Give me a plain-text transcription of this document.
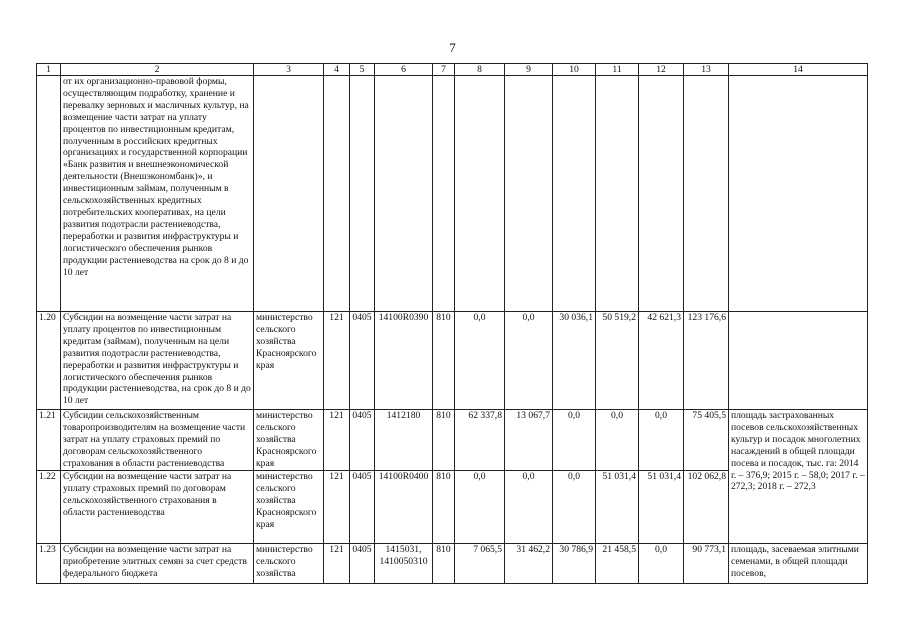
7
1	2	3	4	5	6	7	8	9	10	11	12	13	14
	от их организационно-правовой формы, осуществляющим подработку, хранение и перевалку зерновых и масличных культур, на возмещение части затрат на уплату процентов по инвестиционным кредитам, полученным в российских кредитных организациях и государственной корпорации «Банк развития и внешнеэкономической деятельности (Внешэкономбанк)», и инвестиционным займам, полученным в сельскохозяйственных кредитных потребительских кооперативах, на цели развития подотрасли растениеводства, переработки и развития инфраструктуры и логистического обеспечения рынков продукции растениеводства на срок до 8 и до 10 лет												
1.20	Субсидии на возмещение части затрат на уплату процентов по инвестиционным кредитам (займам), полученным на цели развития подотрасли растениеводства, переработки и развития инфраструктуры и логистического обеспечения рынков продукции растениеводства, на срок до 8 и до 10 лет	министерство сельского хозяйства Красноярского края	121	0405	14100R0390	810	0,0	0,0	30 036,1	50 519,2	42 621,3	123 176,6	
1.21	Субсидии сельскохозяйственным товаропроизводителям на возмещение части затрат на уплату страховых премий по договорам сельскохозяйственного страхования в области растениеводства	министерство сельского хозяйства Красноярского края	121	0405	1412180	810	62 337,8	13 067,7	0,0	0,0	0,0	75 405,5	площадь застрахованных посевов сельскохозяйственных культур и посадок многолетних насаждений в общей площади посева и посадок, тыс. га: 2014 г. – 376,9; 2015 г. – 58,0; 2017 г. – 272,3; 2018 г. – 272,3
1.22	Субсидии на возмещение части затрат на уплату страховых премий по договорам сельскохозяйственного страхования в области растениеводства	министерство сельского хозяйства Красноярского края	121	0405	14100R0400	810	0,0	0,0	0,0	51 031,4	51 031,4	102 062,8	
1.23	Субсидии на возмещение части затрат на приобретение элитных семян за счет средств федерального бюджета	министерство сельского хозяйства	121	0405	1415031, 1410050310	810	7 065,5	31 462,2	30 786,9	21 458,5	0,0	90 773,1	площадь, засеваемая элитными семенами, в общей площади посевов,
